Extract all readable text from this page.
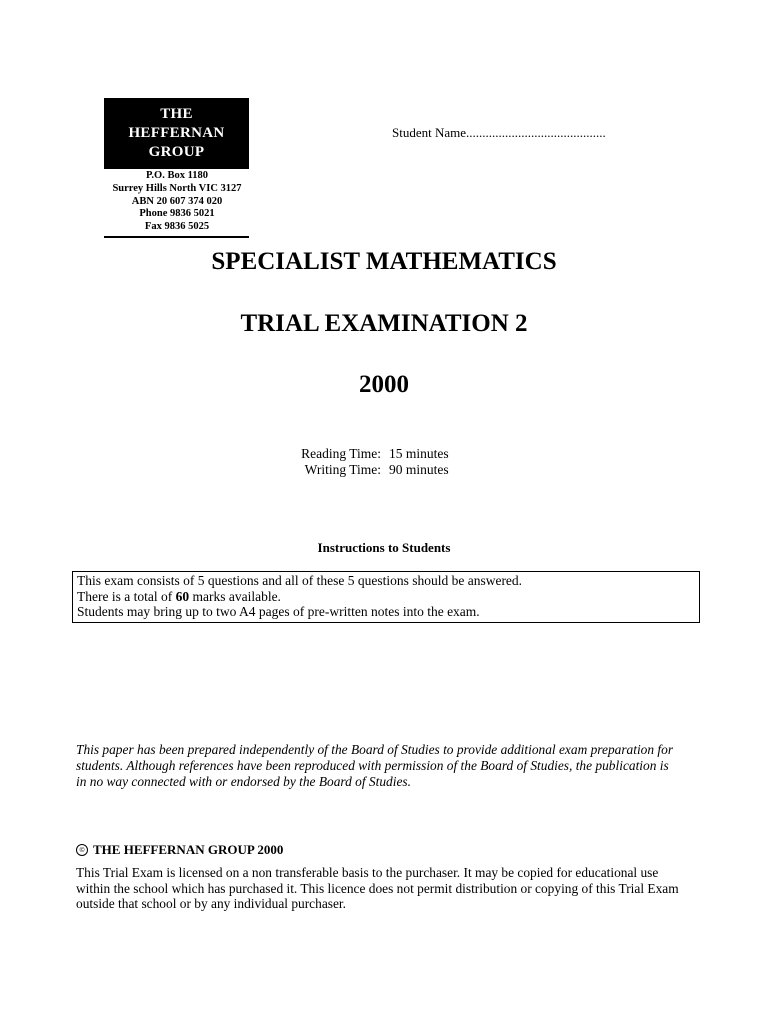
THE
HEFFERNAN
GROUP
P.O. Box 1180
Surrey Hills North VIC 3127
ABN 20 607 374 020
Phone 9836 5021
Fax 9836 5025
Student Name...........................................
SPECIALIST MATHEMATICS
TRIAL EXAMINATION 2
2000
Reading Time: 15 minutes
Writing Time: 90 minutes
Instructions to Students

This exam consists of 5 questions and all of these 5 questions should be answered.

There is a total of 60 marks available.

Students may bring up to two A4 pages of pre-written notes into the exam.

This paper has been prepared independently of the Board of Studies to provide additional exam preparation for students. Although references have been reproduced with permission of the Board of Studies, the publication is in no way connected with or endorsed by the Board of Studies.
© THE HEFFERNAN GROUP 2000
This Trial Exam is licensed on a non transferable basis to the purchaser. It may be copied for educational use within the school which has purchased it. This licence does not permit distribution or copying of this Trial Exam outside that school or by any individual purchaser.
